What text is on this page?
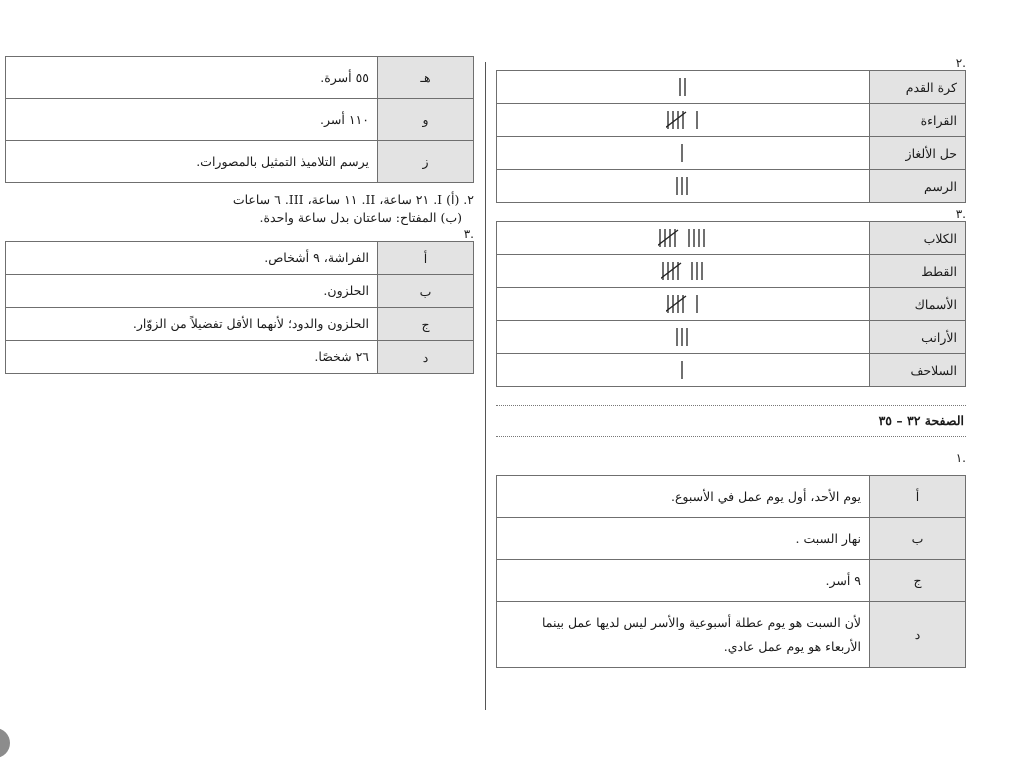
.٢

كرة القدم	
القراءة	
حل الألغاز	
الرسم	

.٣

الكلاب	
القطط	
الأسماك	
الأرانب	
السلاحف	
الصفحة ٣٢ – ٣٥

.١

أ	يوم الأحد، أول يوم عمل في الأسبوع.
ب	نهار السبت .
ج	٩ أسر.
د	لأن السبت هو يوم عطلة أسبوعية والأسر ليس لديها عمل بينما الأربعاء هو يوم عمل عادي.
هـ	٥٥ أسرة.
و	١١٠ أسر.
ز	يرسم التلاميذ التمثيل بالمصورات.

٢. (أ) I. ٢١ ساعة، II. ١١ ساعة، III. ٦ ساعات

(ب) المفتاح: ساعتان بدل ساعة واحدة.

.٣

أ	الفراشة، ٩ أشخاص.
ب	الحلزون.
ج	الحلزون والدود؛ لأنهما الأقل تفضيلاً من الزوّار.
د	٢٦ شخصًا.
